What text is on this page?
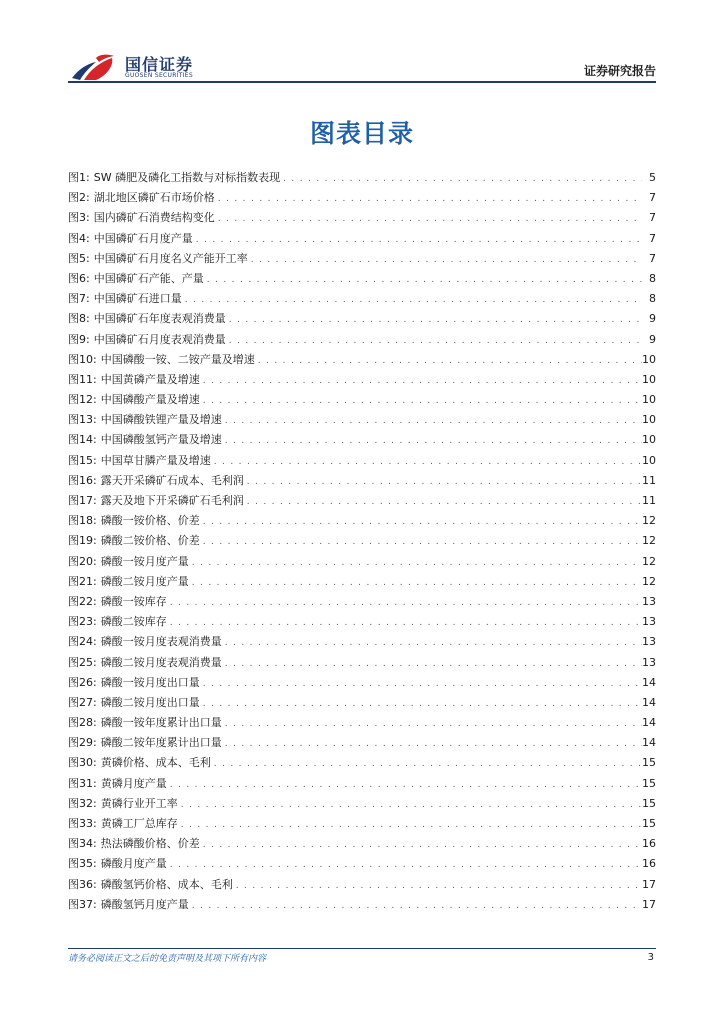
国信证券
GUOSEN SECURITIES	证券研究报告
图表目录
图1: SW 磷肥及磷化工指数与对标指数表现 . . .	5
图2: 湖北地区磷矿石市场价格 . . .	7
图3: 国内磷矿石消费结构变化 . . .	7
图4: 中国磷矿石月度产量 . . .	7
图5: 中国磷矿石月度名义产能开工率 . . .	7
图6: 中国磷矿石产能、产量 . . .	8
图7: 中国磷矿石进口量 . . .	8
图8: 中国磷矿石年度表观消费量 . . .	9
图9: 中国磷矿石月度表观消费量 . . .	9
图10: 中国磷酸一铵、二铵产量及增速 . . .	10
图11: 中国黄磷产量及增速 . . .	10
图12: 中国磷酸产量及增速 . . .	10
图13: 中国磷酸铁锂产量及增速 . . .	10
图14: 中国磷酸氢钙产量及增速 . . .	10
图15: 中国草甘膦产量及增速 . . .	10
图16: 露天开采磷矿石成本、毛利润 . . .	11
图17: 露天及地下开采磷矿石毛利润 . . .	11
图18: 磷酸一铵价格、价差 . . .	12
图19: 磷酸二铵价格、价差 . . .	12
图20: 磷酸一铵月度产量 . . .	12
图21: 磷酸二铵月度产量 . . .	12
图22: 磷酸一铵库存 . . .	13
图23: 磷酸二铵库存 . . .	13
图24: 磷酸一铵月度表观消费量 . . .	13
图25: 磷酸二铵月度表观消费量 . . .	13
图26: 磷酸一铵月度出口量 . . .	14
图27: 磷酸二铵月度出口量 . . .	14
图28: 磷酸一铵年度累计出口量 . . .	14
图29: 磷酸二铵年度累计出口量 . . .	14
图30: 黄磷价格、成本、毛利 . . .	15
图31: 黄磷月度产量 . . .	15
图32: 黄磷行业开工率 . . .	15
图33: 黄磷工厂总库存 . . .	15
图34: 热法磷酸价格、价差 . . .	16
图35: 磷酸月度产量 . . .	16
图36: 磷酸氢钙价格、成本、毛利 . . .	17
图37: 磷酸氢钙月度产量 . . .	17
请务必阅读正文之后的免责声明及其项下所有内容	3
